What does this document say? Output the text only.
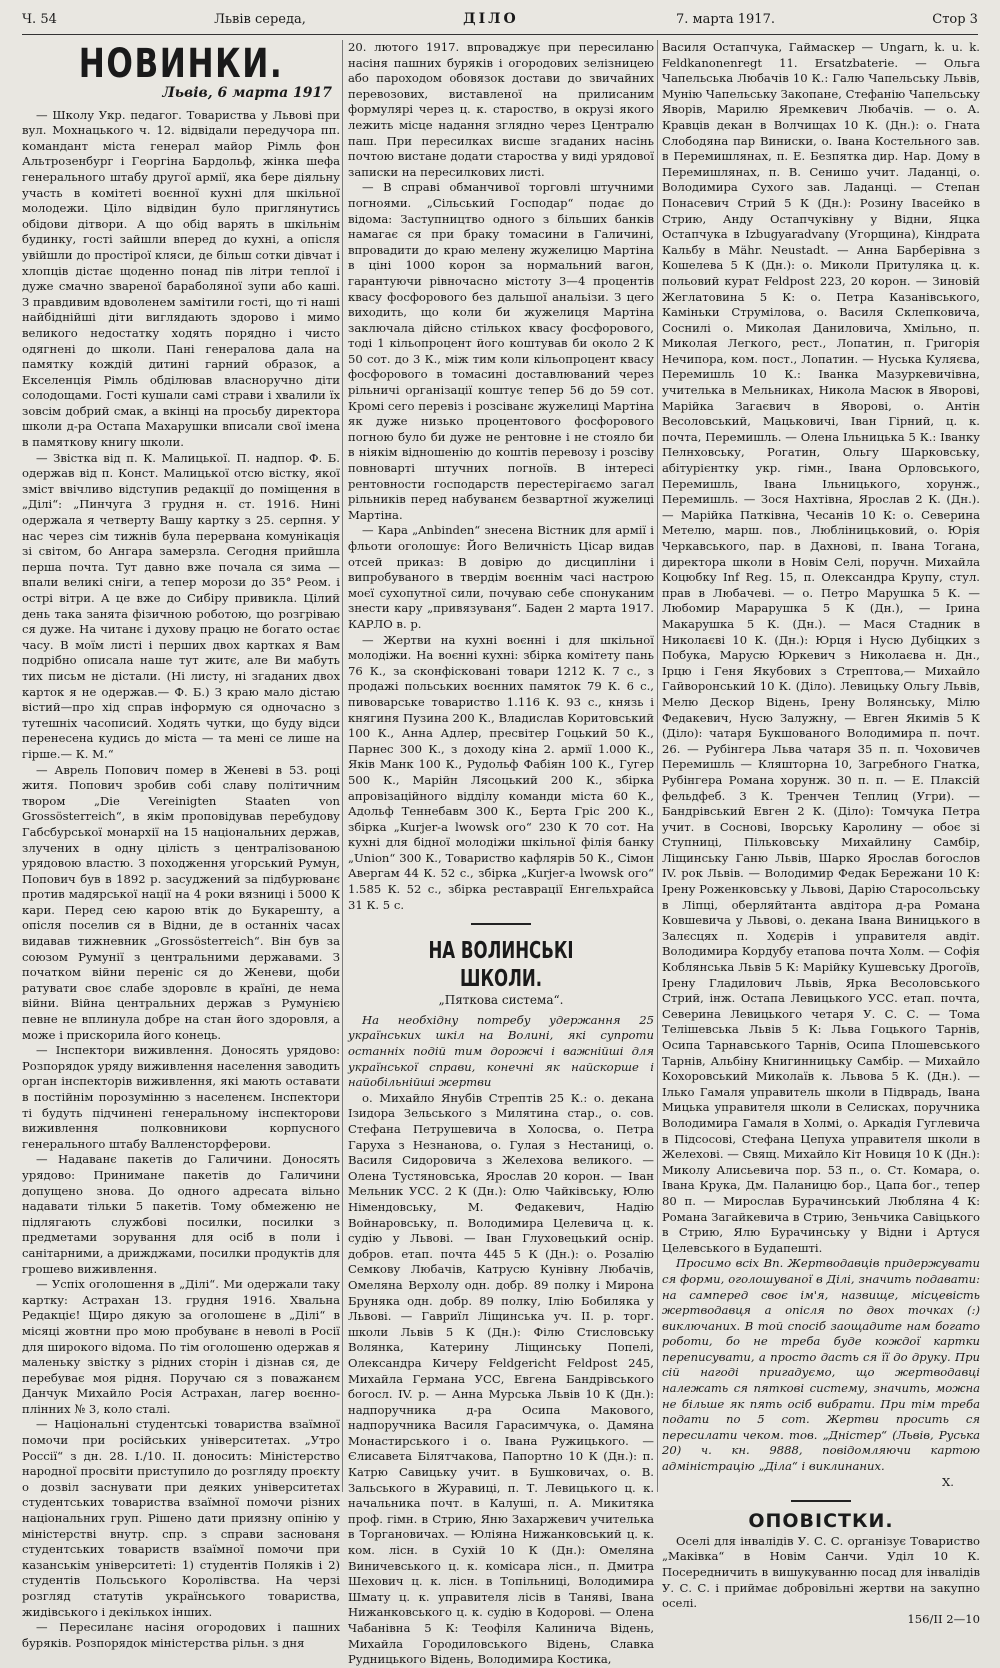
Ч. 54	Львів середа,	ДІЛО	7. марта 1917.	Стор 3
НОВИНКИ.
Львів, 6 марта 1917

— Школу Укр. педагог. Товариства у Львові при вул. Мохнацького ч. 12. відвідали передучора пп. командант міста генерал майор Рімль фон Альтрозенбург і Георгіна Бардольф, жінка шефа генерального штабу другої армії, яка бере діяльну участь в комітеті воєнної кухні для шкільної молодежи. Ціло відвідин було приглянутись обідови дітвори. А що обід варять в шкільнім будинку, гості зайшли вперед до кухні, а опісля увійшли до простірої кляси, де більш сотки дівчат і хлопців дістає щоденно понад пів літри теплої і дуже смачно звареної бараболяної зупи або каші. З правдивим вдоволенем замітили гості, що ті наші найбіднійші діти виглядають здорово і мимо великого недостатку ходять порядно і чисто одягнені до школи. Пані генералова дала на памятку кождій дитині гарний образок, а Екселенція Рімль обділював власноручно діти солодощами. Гості кушали самі страви і хвалили їх зовсім добрий смак, а вкінці на просьбу директора школи д-ра Остапа Махарушки вписали свої імена в памяткову книгу школи.

— Звістка від п. К. Малицької. П. надпор. Ф. Б. одержав від п. Конст. Малицької отсю вістку, якої зміст ввічливо відступив редакції до поміщення в „Ділі“: „Пинчуга 3 грудня н. ст. 1916. Нині одержала я четверту Вашу картку з 25. серпня. У нас через сім тижнів була перервана комунікація зі світом, бо Ангара замерзла. Сегодня прийшла перша почта. Тут давно вже почала ся зима — впали великі сніги, а тепер морози до 35° Реом. і острі вітри. А це вже до Сибіру привикла. Цілий день така занята фізичною роботою, що розгріваю ся дуже. На читанє і духову працю не богато остає часу. В моїм листі і перших двох картках я Вам подрібно описала наше тут житє, але Ви мабуть тих письм не дістали. (Ні листу, ні згаданих двох карток я не одержав.— Ф. Б.) З краю мало дістаю вістий—про хід справ інформую ся одночасно з тутешніх часописий. Ходять чутки, що буду відси перенесена кудись до міста — та мені се лише на гірше.— К. М.“

— Аврель Попович помер в Женеві в 53. році житя. Попович зробив собі славу політичним твором „Die Vereinigten Staaten von Grossösterreich“, в якім проповідував перебудову Габсбурської монархії на 15 національних держав, злучених в одну цілість з централізованою урядовою властю. З походження угорський Румун, Попович був в 1892 р. засуджений за підбурюванє против мадярської нації на 4 роки вязниці і 5000 К кари. Перед сею карою втік до Букарешту, а опісля поселив ся в Відни, де в останніх часах видавав тижневник „Grossösterreich“. Він був за союзом Румунії з центральними державами. З початком війни переніс ся до Женеви, щоби ратувати своє слабе здоровлє в країні, де нема війни. Війна центральних держав з Румунією певне не вплинула добре на стан його здоровля, а може і прискорила його конець.

— Інспектори виживлення. Доносять урядово: Розпорядок уряду виживлення населення заводить орган інспекторів виживлення, які мають оставати в постійнім порозумінню з населенєм. Інспектори ті будуть підчинені генеральному інспекторови виживлення полковникови корпусного генерального штабу Валленсторферови.

— Надаванє пакетів до Галичини. Доносять урядово: Принимане пакетів до Галичини допущено знова. До одного адресата вільно надавати тільки 5 пакетів. Тому обмеженю не підлягають службові посилки, посилки з предметами зорування для осіб в поли і санітарними, а дрижджами, посилки продуктів для грошево виживлення.

— Успіх оголошення в „Ділі“. Ми одержали таку картку: Астрахан 13. грудня 1916. Хвальна Редакціє! Щиро дякую за оголошенє в „Ділі“ в місяці жовтни про мою пробуванє в неволі в Росії для широкого відома. По тім оголошеню одержав я маленьку звістку з рідних сторін і дізнав ся, де перебуває моя рідня. Поручаю ся з поважанєм Данчук Михайло Росія Астрахан, лагер воєнно-плінних № 3, коло сталі.

— Національні студентські товариства взаїмної помочи при російських університетах. „Утро Россії“ з дн. 28. І./10. II. доносить: Міністерство народної просвіти приступило до розгляду проєкту о дозвіл заснувати при деяких університетах студентських товариства взаїмної помочи різних національних груп. Рішено дати приязну опінію у міністерстві внутр. спр. з справи заснованя студентських товариств взаїмної помочи при казанськім університеті: 1) студентів Поляків і 2) студентів Польського Королівства. На черзі розгляд статутів українського товариства, жидівського і декількох інших.

— Пересиланє насіня огородових і пашних буряків. Розпорядок міністерства рільн. з дня

20. лютого 1917. впроваджує при пересиланю насіня пашних буряків і огородових зелізницею або пароходом обовязок достави до звичайних перевозових, виставленої на прилисаним формулярі через ц. к. староство, в окрузі якого лежить місце надання зглядно через Централю паш. При пересилках висше згаданих насінь почтою вистане додати староства у виді урядової записки на пересилкових листі.

— В справі обманчивої торговлі штучними погноями. „Сільський Господар“ подає до відома: Заступництво одного з більших банків намагає ся при браку томасини в Галичині, впровадити до краю мелену жужелицю Мартіна в ціні 1000 корон за нормальний вагон, гарантуючи рівночасно містоту 3—4 процентів квасу фосфорового без дальшої анальізи. З цего виходить, що коли би жужелиця Мартіна заключала дійсно стількох квасу фосфорового, тоді 1 кільопроцент його коштував би около 2 К 50 сот. до 3 К., між тим коли кільопроцент квасу фосфорового в томасині доставлюваний через рільничі організації коштує тепер 56 до 59 сот. Кромі сего перевіз і розсіванє жужелиці Мартіна як дуже низько процентового фосфорового погною було би дуже не рентовне і не стояло би в ніякім відношенію до коштів перевозу і розсіву повноварті штучних погноїв. В інтересі рентовности господарств перестерігаємо загал рільників перед набуванєм безвартної жужелиці Мартіна.

— Кара „Anbinden“ знесена Вістник для армії і фльоти оголошує: Його Величність Цісар видав отсей приказ: В довірю до дисципліни і випробуваного в твердім воєннім часі настрою моєї сухопутної сили, почуваю себе спонуканим знести кару „привязуваня“. Баден 2 марта 1917. КАРЛО в. р.

— Жертви на кухні воєнні і для шкільної молодіжи. На воєнні кухні: збірка комітету пань 76 К., за сконфісковані товари 1212 К. 7 с., з продажі польських воєнних памяток 79 К. 6 с., пивоварське товариство 1.116 К. 93 с., князь і княгиня Пузина 200 К., Владислав Коритовський 100 К., Анна Адлер, пресвітер Гоцький 50 К., Парнес 300 К., з доходу кіна 2. армії 1.000 К., Яків Манк 100 К., Рудольф Фабіян 100 К., Гугер 500 К., Марійн Лясоцький 200 К., збірка апровізаційного відділу команди міста 60 К., Адольф Теннебавм 300 К., Берта Гріс 200 К., збірка „Kurjer-a lwowsk ого“ 230 К 70 сот. На кухні для бідної молодіжи шкільної філія банку „Union“ 300 К., Товариство кафлярів 50 К., Сімон Авергам 44 К. 52 с., збірка „Kurjer-a lwowsk ого“ 1.585 К. 52 с., збірка реставрації Енгельхрайса 31 К. 5 с.

НА ВОЛИНСЬКІ ШКОЛИ.
„Пяткова система“.

На необхідну потребу удержання 25 українських шкіл на Волині, які супроти останніх подій тим дорожчі і важнійші для української справи, конечні як найскорше і найобільнійші жертви

о. Михайло Янубів Стрептів 25 К.: о. декана Ізидора Зельського з Милятина стар., о. сов. Стефана Петрушевича в Холосва, о. Петра Гаруха з Незнанова, о. Гулая з Нестаниці, о. Василя Сидоровича з Желехова великого. — Олена Тустяновська, Ярослав 20 корон. — Іван Мельник УСС. 2 К (Дн.): Олю Чайківську, Юлю Німендовську, М. Федакевич, Надію Войнаровську, п. Володимира Целевича ц. к. судію у Львові. — Іван Глуховецький оснір. добров. етап. почта 445 5 К (Дн.): о. Розалію Семкову Любачів, Катрусю Кунівну Любачів, Омеляна Верхолу одн. добр. 89 полку і Мирона Бруняка одн. добр. 89 полку, Ілію Бобиляка у Львові. — Гавриїл Ліщинська уч. II. р. торг. школи Львів 5 К (Дн.): Філю Стисловську Волянка, Катерину Ліщинську Попелі, Олександра Кичеру Feldgericht Feldpost 245, Михайла Германа УСС, Евгена Бандрівського богосл. IV. р. — Анна Мурська Львів 10 К (Дн.): надпоручника д-ра Осипа Макового, надпоручника Василя Гарасимчука, о. Дамяна Монастирського і о. Івана Ружицького. — Єлисавета Білятчакова, Папортно 10 К (Дн.): п. Катрю Савицьку учит. в Бушковичах, о. В. Зальського в Журавиці, п. Т. Левицького ц. к. начальника почт. в Калуші, п. А. Микитяка проф. гімн. в Стрию, Яню Захаржевич учителька в Торгановичах. — Юліяна Нижанковський ц. к. ком. лісн. в Сухій 10 К (Дн.): Омеляна Виничевського ц. к. комісара лісн., п. Дмитра Шехович ц. к. лісн. в Топільниці, Володимира Шмату ц. к. управителя лісів в Танявi, Івана Нижанковського ц. к. судію в Кодорові. — Олена Чабанівна 5 К: Теофіля Калинича Відень, Михайла Городиловського Відень, Славка Рудницького Відень, Володимира Костика,

Василя Остапчука, Гаймаскер — Ungarn, k. u. k. Feldkanonenregt 11. Ersatzbaterie. — Ольга Чапельська Любачів 10 К.: Галю Чапельську Львів, Мунію Чапельську Закопане, Стефанію Чапельську Яворів, Марилю Яремкевич Любачів. — о. А. Кравців декан в Волчищах 10 К. (Дн.): о. Гната Слободяна пар Виниски, о. Івана Костельного зав. в Перемишлянах, п. Е. Безпятка дир. Нар. Дому в Перемишлянах, п. В. Сенишо учит. Ладанці, о. Володимира Сухого зав. Ладанці. — Степан Понасевич Стрий 5 К (Дн.): Розину Івасейко в Стрию, Анду Остапчуківну у Відни, Яцка Остапчука в Izbugyaradvany (Угорщина), Кіндрата Кальбу в Mähr. Neustadt. — Анна Барберівна з Кошелева 5 К (Дн.): о. Миколи Притуляка ц. к. польовий курат Feldpost 223, 20 корон. — Зиновій Жеглатовина 5 К: о. Петра Казанівського, Каміньки Струмілова, о. Василя Склепковича, Соснилі о. Миколая Даниловича, Хмільно, п. Миколая Легкого, рест., Лопатин, п. Григорія Нечипора, ком. пост., Лопатин. — Нуська Куляєва, Перемишль 10 К.: Іванка Мазуркевичівна, учителька в Мельниках, Никола Масюк в Яворові, Марійка Загаєвич в Яворові, о. Антін Весоловський, Мацьковичі, Іван Гірний, ц. к. почта, Перемишль. — Олена Ільницька 5 К.: Іванку Пелнховську, Рогатин, Ольгу Шарковську, абітурієнтку укр. гімн., Івана Орловського, Перемишль, Івана Ільницького, хорунж., Перемишль. — Зося Нахтівна, Ярослав 2 К. (Дн.). — Марійка Патківна, Чесанів 10 К: о. Северина Метелю, марш. пов., Любліницьковий, о. Юрія Черкавського, пар. в Дахнові, п. Івана Тогана, директора школи в Новім Селі, поручн. Михайла Коцюбку Inf Reg. 15, п. Олександра Крупу, стул. прав в Любачеві. — о. Петро Марушка 5 К. — Любомир Марарушка 5 К (Дн.), — Ірина Макарушка 5 К. (Дн.). — Мася Стадник в Николаєві 10 К. (Дн.): Юрця і Нусю Дубіцких з Побука, Марусю Юркевич з Николаєва н. Дн., Ірцю і Геня Якубових з Стрептова,— Михайло Гайворонський 10 К. (Діло). Левицьку Ольгу Львів, Мелю Дескор Відень, Ірену Волянську, Мілю Федакевич, Нусю Залужну, — Евген Якимів 5 К (Діло): чатаря Букшованого Володимира п. почт. 26. — Рубінгера Льва чатаря 35 п. п. Чоховичев Перемишль — Кляшторна 10, Загребного Гнатка, Рубінгера Романа хорунж. 30 п. п. — Е. Плаксій фельдфеб. 3 К. Тренчен Теплиц (Угри). — Бандрівський Евген 2 К. (Діло): Томчука Петра учит. в Соснові, Іворську Каролину — обоє зі Ступниці, Пільковську Михайлину Самбір, Ліщинську Ганю Львів, Шарко Ярослав богослов IV. рок Львів. — Володимир Федак Бережани 10 К: Ірену Роженковську у Львові, Дарію Старосольську в Ліпці, оберляйтанта авдітора д-ра Романа Ковшевича у Львові, о. декана Івана Виницького в Залєсцях п. Ходєрів і управителя авдіт. Володимира Кордубу етапова почта Холм. — Софія Коблянська Львів 5 К: Марійку Кушевську Дрогоїв, Ірену Гладилович Львів, Ярка Весоловського Стрий, інж. Остапа Левицького УСС. етап. почта, Северина Левицького четаря У. С. С. — Тома Телішевська Львів 5 К: Льва Гоцького Тарнів, Осипа Тарнавського Тарнів, Осипа Плошевського Тарнів, Альбіну Книгинницьку Самбір. — Михайло Кохоровський Миколаїв к. Львова 5 К. (Дн.). — Ілько Гамаля управитель школи в Підврадь, Івана Мицька управителя школи в Селисках, поручника Володимира Гамаля в Холмі, о. Аркадія Гуглевича в Підсосові, Стефана Цепуха управителя школи в Желехові. — Свящ. Михайло Кіт Новиця 10 К (Дн.): Миколу Алисьевича пор. 53 п., о. Ст. Комара, о. Івана Крука, Дм. Паланицю бор., Цапа бог., тепер 80 п. — Мирослав Бурачинський Любляна 4 К: Романа Загайкевича в Стрию, Зеньчика Савіцького в Стрию, Ялю Бурачинську у Відни і Артуся Целевського в Будапешті.

Просимо всіх Вп. Жертводавців придержувати ся форми, оголошуваної в Ділі, значить подавати: на самперед своє ім'я, назвище, місцевість жертводавця а опісля по двох точках (:) виключаних. В той спосіб заощадите нам богато роботи, бо не треба буде кождої картки переписувати, а просто дасть ся її до друку. При сій нагоді пригадуємо, що жертводавці належать ся пяткові систему, значить, можна не більше як пять осіб вибрати. При тім треба подати по 5 сот. Жертви просить ся пересилати чеком. тов. „Дністер“ (Львів, Руська 20) ч. кн. 9888, повідомляючи картою адміністрацію „Діла“ і виклинаних.

Х.
ОПОВІСТКИ.

Оселі для інвалідів У. С. С. організує Товариство „Маківка“ в Новім Санчи. Уділ 10 К. Посередничить в вишукуванню посад для інвалідів У. С. С. і приймає добровільні жертви на закупно оселі.

156/II 2—10
